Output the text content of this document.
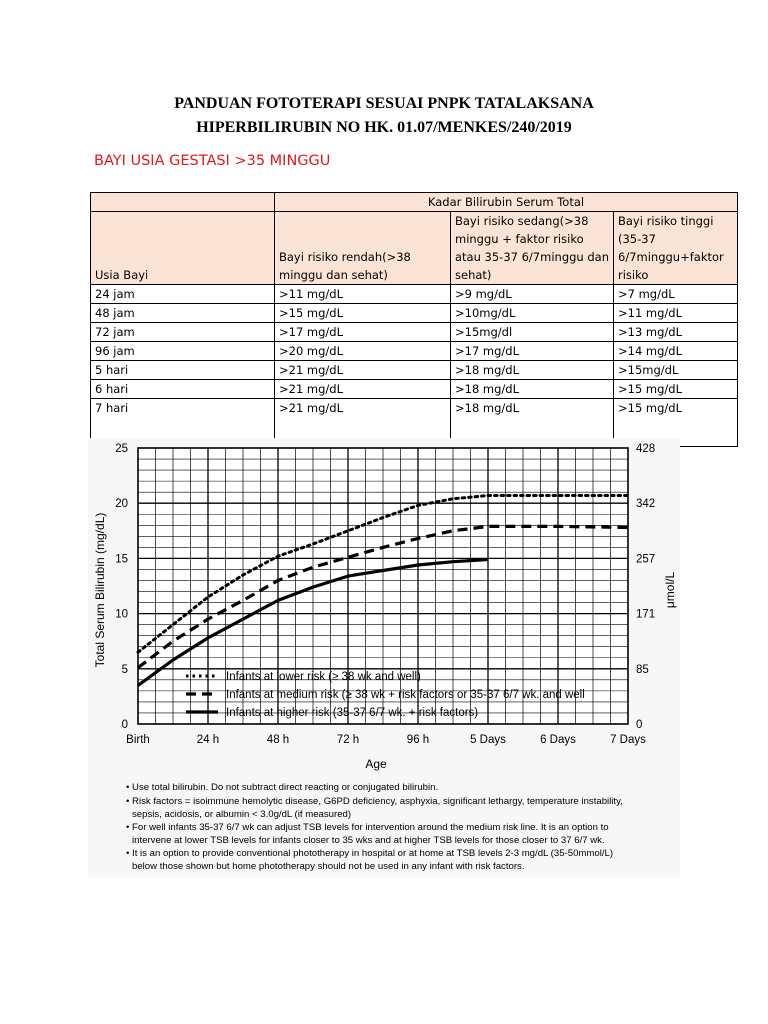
PANDUAN FOTOTERAPI SESUAI PNPK TATALAKSANA
HIPERBILIRUBIN NO HK. 01.07/MENKES/240/2019
BAYI USIA GESTASI >35 MINGGU
	Kadar Bilirubin Serum Total		
Usia Bayi	Bayi risiko rendah(>38 minggu dan sehat)	Bayi risiko sedang(>38 minggu + faktor risiko atau 35-37 6/7minggu dan sehat)	Bayi risiko tinggi (35-37 6/7minggu+faktor risiko
24 jam	>11 mg/dL	>9 mg/dL	>7 mg/dL
48 jam	>15 mg/dL	>10mg/dL	>11 mg/dL
72 jam	>17 mg/dL	>15mg/dl	>13 mg/dL
96 jam	>20 mg/dL	>17 mg/dL	>14 mg/dL
5 hari	>21 mg/dL	>18 mg/dL	>15mg/dL
6 hari	>21 mg/dL	>18 mg/dL	>15 mg/dL
7 hari	>21 mg/dL	>18 mg/dL	>15 mg/dL
0
5
10
15
20
25
0
85
171
257
342
428
Birth	24 h	48 h	72 h	96 h	5 Days	6 Days	7 Days
Infants at lower risk (≥ 38 wk and well)
Infants at medium risk (≥ 38 wk + risk factors or 35-37 6/7 wk. and well
Infants at higher risk (35-37 6/7 wk. + risk factors)
Age
Total Serum Bilirubin (mg/dL)	μmol/L
• Use total bilirubin. Do not subtract direct reacting or conjugated bilirubin.
• Risk factors = isoimmune hemolytic disease, G6PD deficiency, asphyxia, significant lethargy, temperature instability,
sepsis, acidosis, or albumin < 3.0g/dL (if measured)
• For well infants 35-37 6/7 wk can adjust TSB levels for intervention around the medium risk line. It is an option to
intervene at lower TSB levels for infants closer to 35 wks and at higher TSB levels for those closer to 37 6/7 wk.
• It is an option to provide conventional phototherapy in hospital or at home at TSB levels 2-3 mg/dL (35-50mmol/L)
below those shown but home phototherapy should not be used in any infant with risk factors.
